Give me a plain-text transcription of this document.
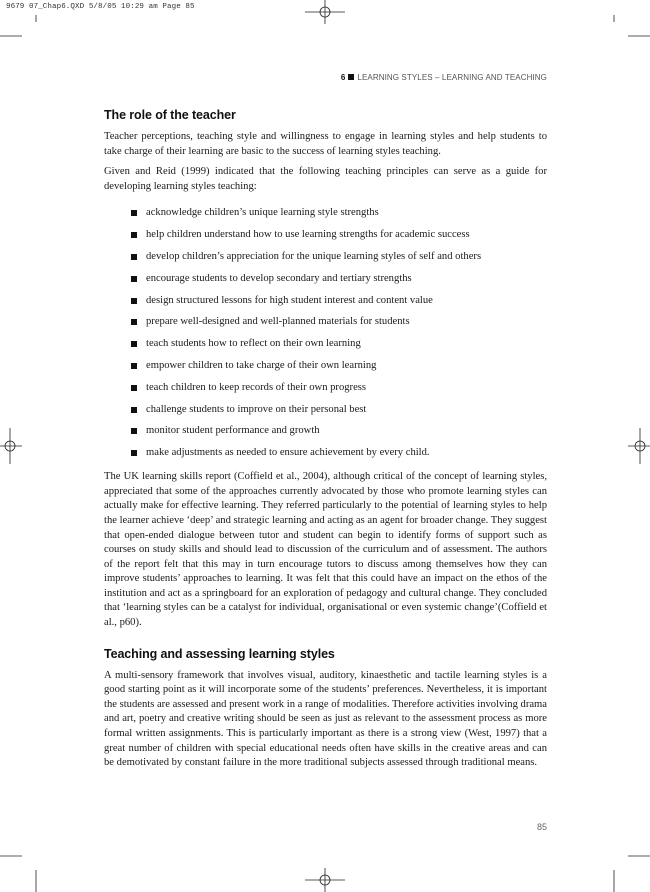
9679 07_Chap6.QXD 5/8/05 10:29 am Page 85
6 LEARNING STYLES – LEARNING AND TEACHING
The role of the teacher

Teacher perceptions, teaching style and willingness to engage in learning styles and help students to take charge of their learning are basic to the success of learning styles teaching.

Given and Reid (1999) indicated that the following teaching principles can serve as a guide for developing learning styles teaching:

acknowledge children’s unique learning style strengths
help children understand how to use learning strengths for academic success
develop children’s appreciation for the unique learning styles of self and others
encourage students to develop secondary and tertiary strengths
design structured lessons for high student interest and content value
prepare well-designed and well-planned materials for students
teach students how to reflect on their own learning
empower children to take charge of their own learning
teach children to keep records of their own progress
challenge students to improve on their personal best
monitor student performance and growth
make adjustments as needed to ensure achievement by every child.

The UK learning skills report (Coffield et al., 2004), although critical of the concept of learning styles, appreciated that some of the approaches currently advocated by those who promote learning styles can actually make for effective learning. They referred particularly to the potential of learning styles to help the learner achieve ‘deep’ and strategic learning and acting as an agent for broader change. They suggest that open-ended dialogue between tutor and student can begin to identify forms of support such as courses on study skills and should lead to discussion of the curriculum and of assessment. The authors of the report felt that this may in turn encourage tutors to discuss among themselves how they can improve students’ approaches to learning. It was felt that this could have an impact on the ethos of the institution and act as a springboard for an exploration of pedagogy and cultural change. They concluded that ‘learning styles can be a catalyst for individual, organisational or even systemic change’(Coffield et al., p60).

Teaching and assessing learning styles

A multi-sensory framework that involves visual, auditory, kinaesthetic and tactile learning styles is a good starting point as it will incorporate some of the students’ preferences. Nevertheless, it is important the students are assessed and present work in a range of modalities. Therefore activities involving drama and art, poetry and creative writing should be seen as just as relevant to the assessment process as more formal written assignments. This is particularly important as there is a strong view (West, 1997) that a great number of children with special educational needs often have skills in the creative areas and can be demotivated by constant failure in the more traditional subjects assessed through traditional means.

85
